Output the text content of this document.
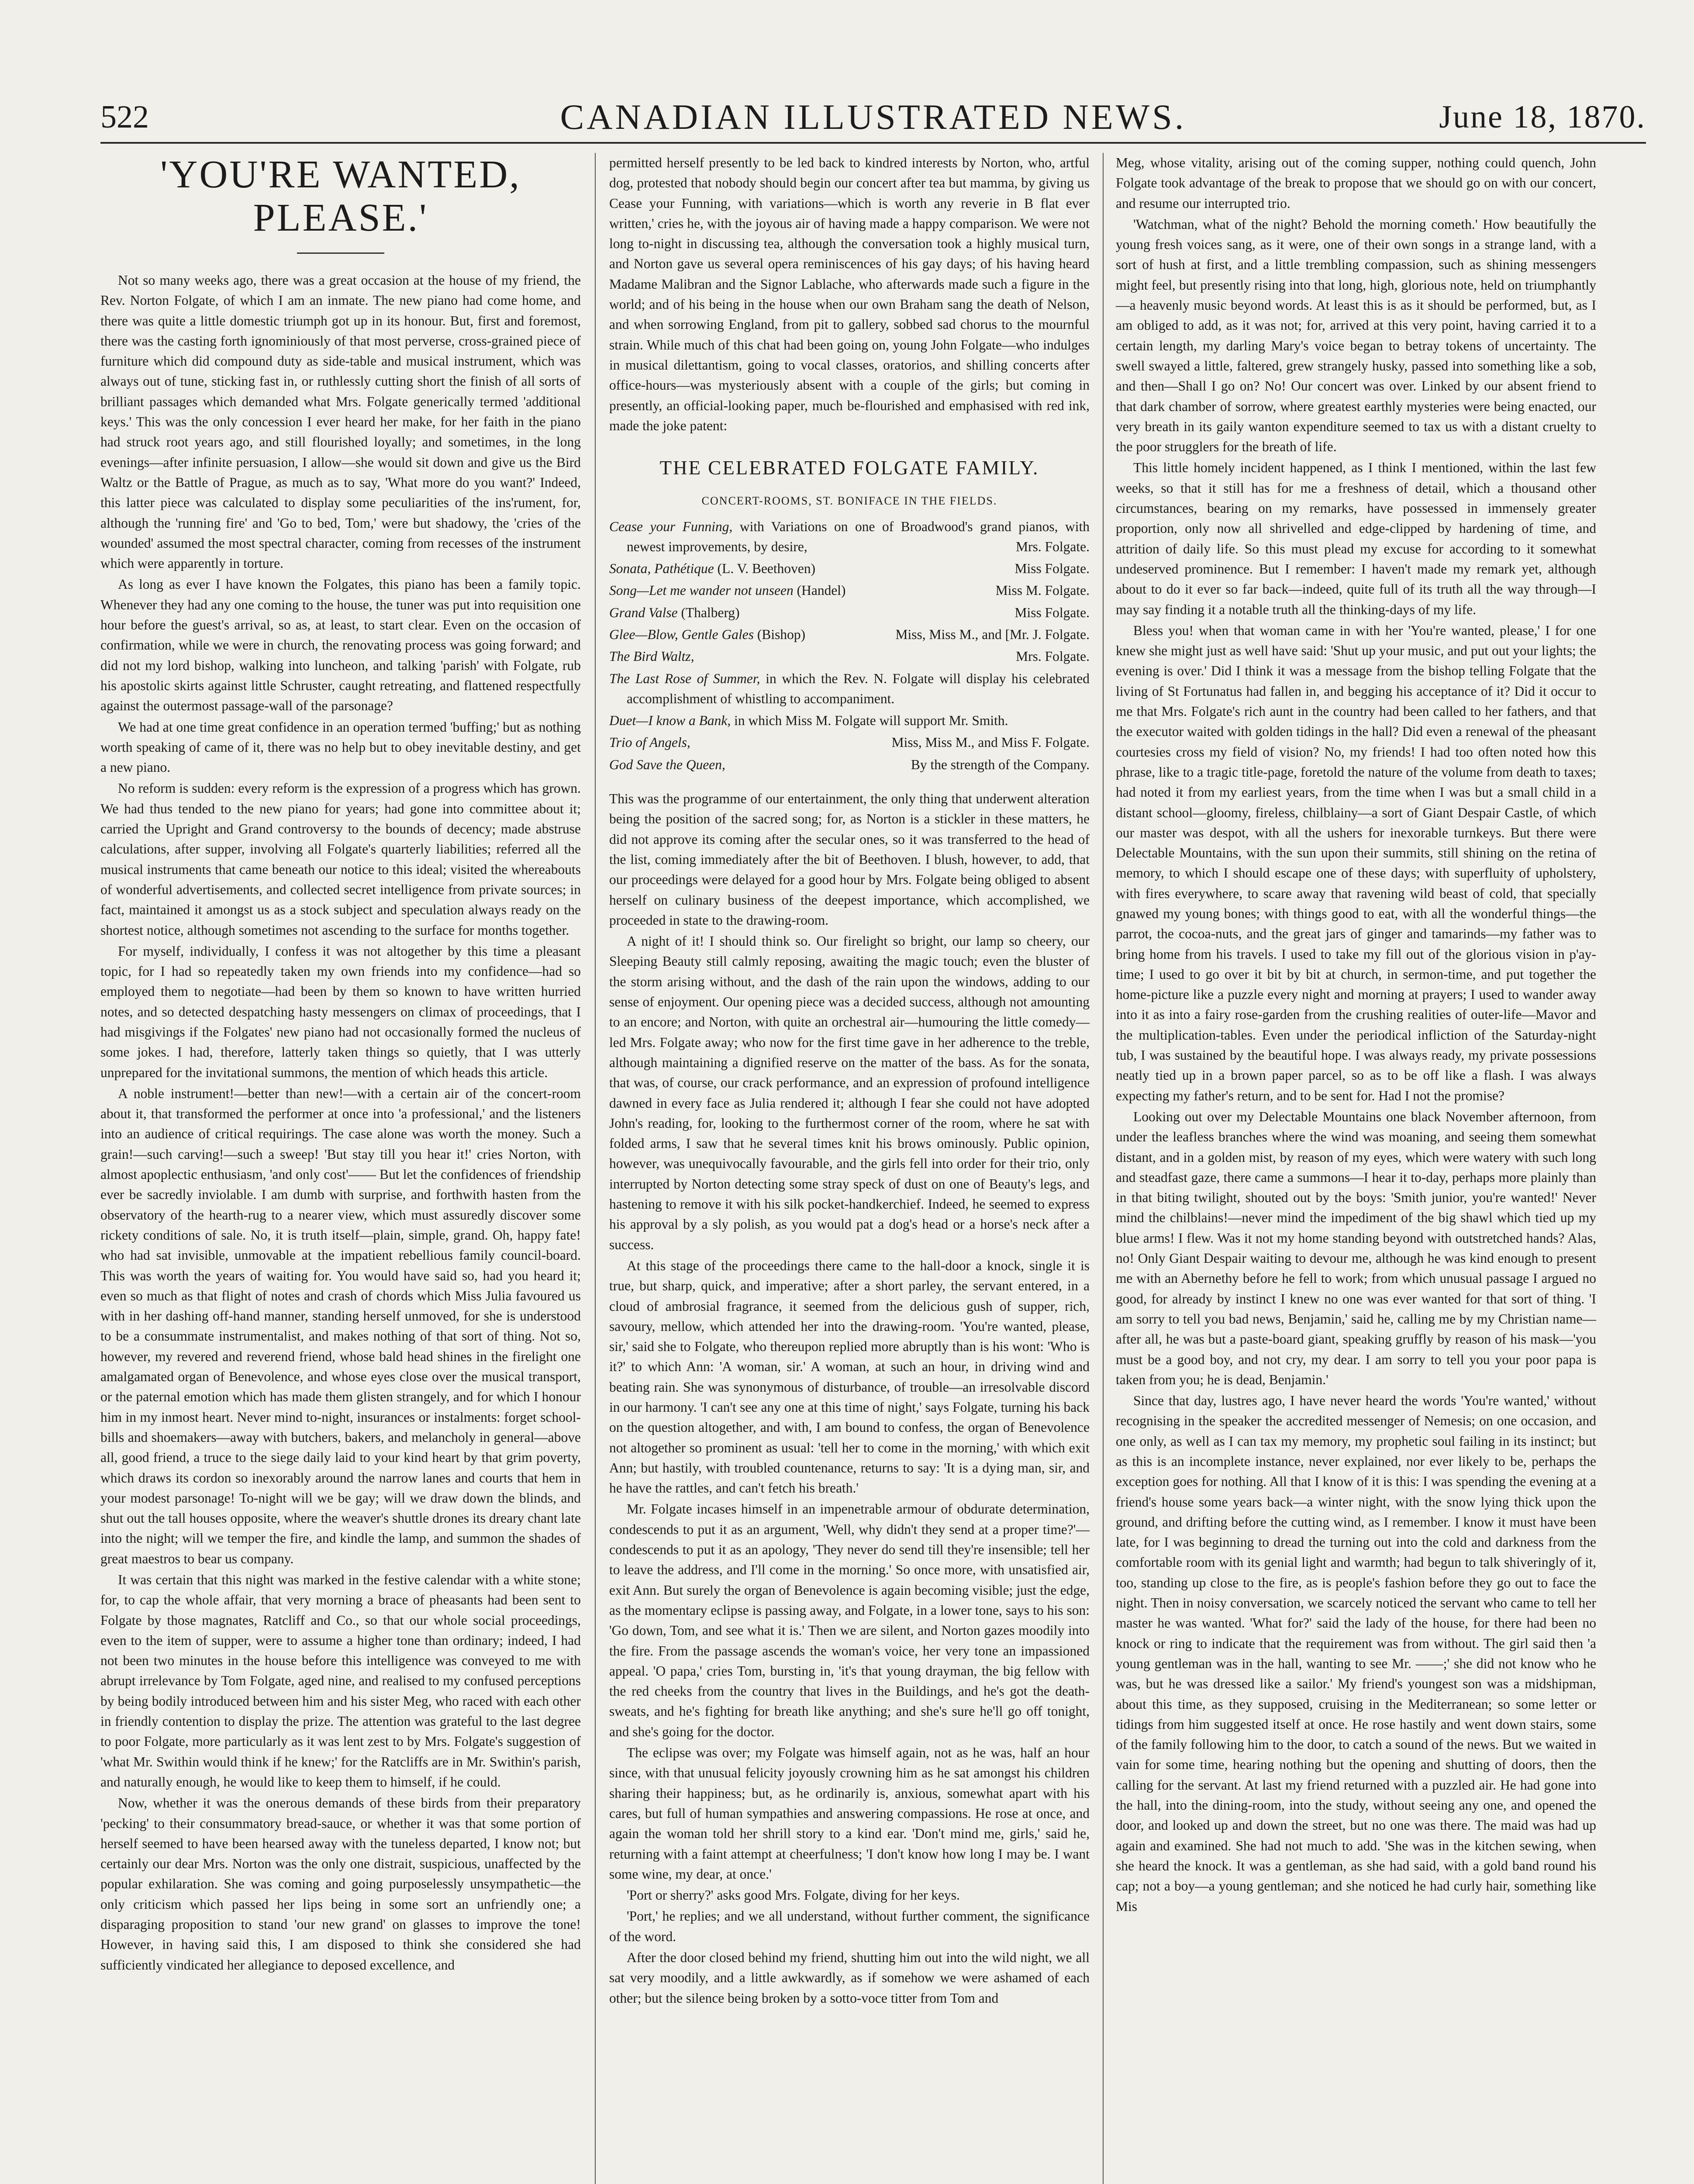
522	CANADIAN ILLUSTRATED NEWS.	June 18, 1870.
'YOU'RE WANTED, PLEASE.'

Not so many weeks ago, there was a great occasion at the house of my friend, the Rev. Norton Folgate, of which I am an inmate. The new piano had come home, and there was quite a little domestic triumph got up in its honour. But, first and foremost, there was the casting forth ignominiously of that most perverse, cross-grained piece of furniture which did compound duty as side-table and musical instrument, which was always out of tune, sticking fast in, or ruthlessly cutting short the finish of all sorts of brilliant passages which demanded what Mrs. Folgate generically termed 'additional keys.' This was the only concession I ever heard her make, for her faith in the piano had struck root years ago, and still flourished loyally; and sometimes, in the long evenings—after infinite persuasion, I allow—she would sit down and give us the Bird Waltz or the Battle of Prague, as much as to say, 'What more do you want?' Indeed, this latter piece was calculated to display some peculiarities of the ins'rument, for, although the 'running fire' and 'Go to bed, Tom,' were but shadowy, the 'cries of the wounded' assumed the most spectral character, coming from recesses of the instrument which were apparently in torture.

As long as ever I have known the Folgates, this piano has been a family topic. Whenever they had any one coming to the house, the tuner was put into requisition one hour before the guest's arrival, so as, at least, to start clear. Even on the occasion of confirmation, while we were in church, the renovating process was going forward; and did not my lord bishop, walking into luncheon, and talking 'parish' with Folgate, rub his apostolic skirts against little Schruster, caught retreating, and flattened respectfully against the outermost passage-wall of the parsonage?

We had at one time great confidence in an operation termed 'buffing;' but as nothing worth speaking of came of it, there was no help but to obey inevitable destiny, and get a new piano.

No reform is sudden: every reform is the expression of a progress which has grown. We had thus tended to the new piano for years; had gone into committee about it; carried the Upright and Grand controversy to the bounds of decency; made abstruse calculations, after supper, involving all Folgate's quarterly liabilities; referred all the musical instruments that came beneath our notice to this ideal; visited the whereabouts of wonderful advertisements, and collected secret intelligence from private sources; in fact, maintained it amongst us as a stock subject and speculation always ready on the shortest notice, although sometimes not ascending to the surface for months together.

For myself, individually, I confess it was not altogether by this time a pleasant topic, for I had so repeatedly taken my own friends into my confidence—had so employed them to negotiate—had been by them so known to have written hurried notes, and so detected despatching hasty messengers on climax of proceedings, that I had misgivings if the Folgates' new piano had not occasionally formed the nucleus of some jokes. I had, therefore, latterly taken things so quietly, that I was utterly unprepared for the invitational summons, the mention of which heads this article.

A noble instrument!—better than new!—with a certain air of the concert-room about it, that transformed the performer at once into 'a professional,' and the listeners into an audience of critical requirings. The case alone was worth the money. Such a grain!—such carving!—such a sweep! 'But stay till you hear it!' cries Norton, with almost apoplectic enthusiasm, 'and only cost'—— But let the confidences of friendship ever be sacredly inviolable. I am dumb with surprise, and forthwith hasten from the observatory of the hearth-rug to a nearer view, which must assuredly discover some rickety conditions of sale. No, it is truth itself—plain, simple, grand. Oh, happy fate! who had sat invisible, unmovable at the impatient rebellious family council-board. This was worth the years of waiting for. You would have said so, had you heard it; even so much as that flight of notes and crash of chords which Miss Julia favoured us with in her dashing off-hand manner, standing herself unmoved, for she is understood to be a consummate instrumentalist, and makes nothing of that sort of thing. Not so, however, my revered and reverend friend, whose bald head shines in the firelight one amalgamated organ of Benevolence, and whose eyes close over the musical transport, or the paternal emotion which has made them glisten strangely, and for which I honour him in my inmost heart. Never mind to-night, insurances or instalments: forget school-bills and shoemakers—away with butchers, bakers, and melancholy in general—above all, good friend, a truce to the siege daily laid to your kind heart by that grim poverty, which draws its cordon so inexorably around the narrow lanes and courts that hem in your modest parsonage! To-night will we be gay; will we draw down the blinds, and shut out the tall houses opposite, where the weaver's shuttle drones its dreary chant late into the night; will we temper the fire, and kindle the lamp, and summon the shades of great maestros to bear us company.

It was certain that this night was marked in the festive calendar with a white stone; for, to cap the whole affair, that very morning a brace of pheasants had been sent to Folgate by those magnates, Ratcliff and Co., so that our whole social proceedings, even to the item of supper, were to assume a higher tone than ordinary; indeed, I had not been two minutes in the house before this intelligence was conveyed to me with abrupt irrelevance by Tom Folgate, aged nine, and realised to my confused perceptions by being bodily introduced between him and his sister Meg, who raced with each other in friendly contention to display the prize. The attention was grateful to the last degree to poor Folgate, more particularly as it was lent zest to by Mrs. Folgate's suggestion of 'what Mr. Swithin would think if he knew;' for the Ratcliffs are in Mr. Swithin's parish, and naturally enough, he would like to keep them to himself, if he could.

Now, whether it was the onerous demands of these birds from their preparatory 'pecking' to their consummatory bread-sauce, or whether it was that some portion of herself seemed to have been hearsed away with the tuneless departed, I know not; but certainly our dear Mrs. Norton was the only one distrait, suspicious, unaffected by the popular exhilaration. She was coming and going purposelessly unsympathetic—the only criticism which passed her lips being in some sort an unfriendly one; a disparaging proposition to stand 'our new grand' on glasses to improve the tone! However, in having said this, I am disposed to think she considered she had sufficiently vindicated her allegiance to deposed excellence, and

permitted herself presently to be led back to kindred interests by Norton, who, artful dog, protested that nobody should begin our concert after tea but mamma, by giving us Cease your Funning, with variations—which is worth any reverie in B flat ever written,' cries he, with the joyous air of having made a happy comparison. We were not long to-night in discussing tea, although the conversation took a highly musical turn, and Norton gave us several opera reminiscences of his gay days; of his having heard Madame Malibran and the Signor Lablache, who afterwards made such a figure in the world; and of his being in the house when our own Braham sang the death of Nelson, and when sorrowing England, from pit to gallery, sobbed sad chorus to the mournful strain. While much of this chat had been going on, young John Folgate—who indulges in musical dilettantism, going to vocal classes, oratorios, and shilling concerts after office-hours—was mysteriously absent with a couple of the girls; but coming in presently, an official-looking paper, much be-flourished and emphasised with red ink, made the joke patent:

THE CELEBRATED FOLGATE FAMILY.
CONCERT-ROOMS, ST. BONIFACE IN THE FIELDS.
Cease your Funning, with Variations on one of Broadwood's grand pianos, with newest improvements, by desire,	Mrs. Folgate.
Sonata, Pathétique (L. V. Beethoven)	Miss Folgate.
Song—Let me wander not unseen (Handel)	Miss M. Folgate.
Grand Valse (Thalberg)	Miss Folgate.
Glee—Blow, Gentle Gales (Bishop)	Miss, Miss M., and [Mr. J. Folgate.
The Bird Waltz,	Mrs. Folgate.
The Last Rose of Summer, in which the Rev. N. Folgate will display his celebrated accomplishment of whistling to accompaniment.
Duet—I know a Bank, in which Miss M. Folgate will support Mr. Smith.
Trio of Angels,	Miss, Miss M., and Miss F. Folgate.
God Save the Queen,	By the strength of the Company.

This was the programme of our entertainment, the only thing that underwent alteration being the position of the sacred song; for, as Norton is a stickler in these matters, he did not approve its coming after the secular ones, so it was transferred to the head of the list, coming immediately after the bit of Beethoven. I blush, however, to add, that our proceedings were delayed for a good hour by Mrs. Folgate being obliged to absent herself on culinary business of the deepest importance, which accomplished, we proceeded in state to the drawing-room.

A night of it! I should think so. Our firelight so bright, our lamp so cheery, our Sleeping Beauty still calmly reposing, awaiting the magic touch; even the bluster of the storm arising without, and the dash of the rain upon the windows, adding to our sense of enjoyment. Our opening piece was a decided success, although not amounting to an encore; and Norton, with quite an orchestral air—humouring the little comedy—led Mrs. Folgate away; who now for the first time gave in her adherence to the treble, although maintaining a dignified reserve on the matter of the bass. As for the sonata, that was, of course, our crack performance, and an expression of profound intelligence dawned in every face as Julia rendered it; although I fear she could not have adopted John's reading, for, looking to the furthermost corner of the room, where he sat with folded arms, I saw that he several times knit his brows ominously. Public opinion, however, was unequivocally favourable, and the girls fell into order for their trio, only interrupted by Norton detecting some stray speck of dust on one of Beauty's legs, and hastening to remove it with his silk pocket-handkerchief. Indeed, he seemed to express his approval by a sly polish, as you would pat a dog's head or a horse's neck after a success.

At this stage of the proceedings there came to the hall-door a knock, single it is true, but sharp, quick, and imperative; after a short parley, the servant entered, in a cloud of ambrosial fragrance, it seemed from the delicious gush of supper, rich, savoury, mellow, which attended her into the drawing-room. 'You're wanted, please, sir,' said she to Folgate, who thereupon replied more abruptly than is his wont: 'Who is it?' to which Ann: 'A woman, sir.' A woman, at such an hour, in driving wind and beating rain. She was synonymous of disturbance, of trouble—an irresolvable discord in our harmony. 'I can't see any one at this time of night,' says Folgate, turning his back on the question altogether, and with, I am bound to confess, the organ of Benevolence not altogether so prominent as usual: 'tell her to come in the morning,' with which exit Ann; but hastily, with troubled countenance, returns to say: 'It is a dying man, sir, and he have the rattles, and can't fetch his breath.'

Mr. Folgate incases himself in an impenetrable armour of obdurate determination, condescends to put it as an argument, 'Well, why didn't they send at a proper time?'—condescends to put it as an apology, 'They never do send till they're insensible; tell her to leave the address, and I'll come in the morning.' So once more, with unsatisfied air, exit Ann. But surely the organ of Benevolence is again becoming visible; just the edge, as the momentary eclipse is passing away, and Folgate, in a lower tone, says to his son: 'Go down, Tom, and see what it is.' Then we are silent, and Norton gazes moodily into the fire. From the passage ascends the woman's voice, her very tone an impassioned appeal. 'O papa,' cries Tom, bursting in, 'it's that young drayman, the big fellow with the red cheeks from the country that lives in the Buildings, and he's got the death-sweats, and he's fighting for breath like anything; and she's sure he'll go off tonight, and she's going for the doctor.

The eclipse was over; my Folgate was himself again, not as he was, half an hour since, with that unusual felicity joyously crowning him as he sat amongst his children sharing their happiness; but, as he ordinarily is, anxious, somewhat apart with his cares, but full of human sympathies and answering compassions. He rose at once, and again the woman told her shrill story to a kind ear. 'Don't mind me, girls,' said he, returning with a faint attempt at cheerfulness; 'I don't know how long I may be. I want some wine, my dear, at once.'

'Port or sherry?' asks good Mrs. Folgate, diving for her keys.

'Port,' he replies; and we all understand, without further comment, the significance of the word.

After the door closed behind my friend, shutting him out into the wild night, we all sat very moodily, and a little awkwardly, as if somehow we were ashamed of each other; but the silence being broken by a sotto-voce titter from Tom and

Meg, whose vitality, arising out of the coming supper, nothing could quench, John Folgate took advantage of the break to propose that we should go on with our concert, and resume our interrupted trio.

'Watchman, what of the night? Behold the morning cometh.' How beautifully the young fresh voices sang, as it were, one of their own songs in a strange land, with a sort of hush at first, and a little trembling compassion, such as shining messengers might feel, but presently rising into that long, high, glorious note, held on triumphantly—a heavenly music beyond words. At least this is as it should be performed, but, as I am obliged to add, as it was not; for, arrived at this very point, having carried it to a certain length, my darling Mary's voice began to betray tokens of uncertainty. The swell swayed a little, faltered, grew strangely husky, passed into something like a sob, and then—Shall I go on? No! Our concert was over. Linked by our absent friend to that dark chamber of sorrow, where greatest earthly mysteries were being enacted, our very breath in its gaily wanton expenditure seemed to tax us with a distant cruelty to the poor strugglers for the breath of life.

This little homely incident happened, as I think I mentioned, within the last few weeks, so that it still has for me a freshness of detail, which a thousand other circumstances, bearing on my remarks, have possessed in immensely greater proportion, only now all shrivelled and edge-clipped by hardening of time, and attrition of daily life. So this must plead my excuse for according to it somewhat undeserved prominence. But I remember: I haven't made my remark yet, although about to do it ever so far back—indeed, quite full of its truth all the way through—I may say finding it a notable truth all the thinking-days of my life.

Bless you! when that woman came in with her 'You're wanted, please,' I for one knew she might just as well have said: 'Shut up your music, and put out your lights; the evening is over.' Did I think it was a message from the bishop telling Folgate that the living of St Fortunatus had fallen in, and begging his acceptance of it? Did it occur to me that Mrs. Folgate's rich aunt in the country had been called to her fathers, and that the executor waited with golden tidings in the hall? Did even a renewal of the pheasant courtesies cross my field of vision? No, my friends! I had too often noted how this phrase, like to a tragic title-page, foretold the nature of the volume from death to taxes; had noted it from my earliest years, from the time when I was but a small child in a distant school—gloomy, fireless, chilblainy—a sort of Giant Despair Castle, of which our master was despot, with all the ushers for inexorable turnkeys. But there were Delectable Mountains, with the sun upon their summits, still shining on the retina of memory, to which I should escape one of these days; with superfluity of upholstery, with fires everywhere, to scare away that ravening wild beast of cold, that specially gnawed my young bones; with things good to eat, with all the wonderful things—the parrot, the cocoa-nuts, and the great jars of ginger and tamarinds—my father was to bring home from his travels. I used to take my fill out of the glorious vision in p'ay-time; I used to go over it bit by bit at church, in sermon-time, and put together the home-picture like a puzzle every night and morning at prayers; I used to wander away into it as into a fairy rose-garden from the crushing realities of outer-life—Mavor and the multiplication-tables. Even under the periodical infliction of the Saturday-night tub, I was sustained by the beautiful hope. I was always ready, my private possessions neatly tied up in a brown paper parcel, so as to be off like a flash. I was always expecting my father's return, and to be sent for. Had I not the promise?

Looking out over my Delectable Mountains one black November afternoon, from under the leafless branches where the wind was moaning, and seeing them somewhat distant, and in a golden mist, by reason of my eyes, which were watery with such long and steadfast gaze, there came a summons—I hear it to-day, perhaps more plainly than in that biting twilight, shouted out by the boys: 'Smith junior, you're wanted!' Never mind the chilblains!—never mind the impediment of the big shawl which tied up my blue arms! I flew. Was it not my home standing beyond with outstretched hands? Alas, no! Only Giant Despair waiting to devour me, although he was kind enough to present me with an Abernethy before he fell to work; from which unusual passage I argued no good, for already by instinct I knew no one was ever wanted for that sort of thing. 'I am sorry to tell you bad news, Benjamin,' said he, calling me by my Christian name—after all, he was but a paste-board giant, speaking gruffly by reason of his mask—'you must be a good boy, and not cry, my dear. I am sorry to tell you your poor papa is taken from you; he is dead, Benjamin.'

Since that day, lustres ago, I have never heard the words 'You're wanted,' without recognising in the speaker the accredited messenger of Nemesis; on one occasion, and one only, as well as I can tax my memory, my prophetic soul failing in its instinct; but as this is an incomplete instance, never explained, nor ever likely to be, perhaps the exception goes for nothing. All that I know of it is this: I was spending the evening at a friend's house some years back—a winter night, with the snow lying thick upon the ground, and drifting before the cutting wind, as I remember. I know it must have been late, for I was beginning to dread the turning out into the cold and darkness from the comfortable room with its genial light and warmth; had begun to talk shiveringly of it, too, standing up close to the fire, as is people's fashion before they go out to face the night. Then in noisy conversation, we scarcely noticed the servant who came to tell her master he was wanted. 'What for?' said the lady of the house, for there had been no knock or ring to indicate that the requirement was from without. The girl said then 'a young gentleman was in the hall, wanting to see Mr. ——;' she did not know who he was, but he was dressed like a sailor.' My friend's youngest son was a midshipman, about this time, as they supposed, cruising in the Mediterranean; so some letter or tidings from him suggested itself at once. He rose hastily and went down stairs, some of the family following him to the door, to catch a sound of the news. But we waited in vain for some time, hearing nothing but the opening and shutting of doors, then the calling for the servant. At last my friend returned with a puzzled air. He had gone into the hall, into the dining-room, into the study, without seeing any one, and opened the door, and looked up and down the street, but no one was there. The maid was had up again and examined. She had not much to add. 'She was in the kitchen sewing, when she heard the knock. It was a gentleman, as she had said, with a gold band round his cap; not a boy—a young gentleman; and she noticed he had curly hair, something like Mis
